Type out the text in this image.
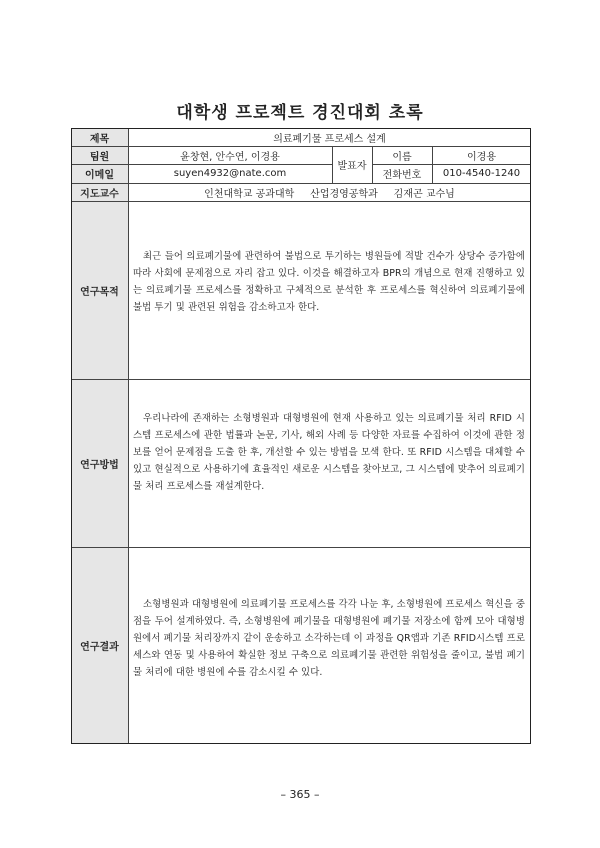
대학생 프로젝트 경진대회 초록
제목
팀원
이메일
지도교수
연구목적
연구방법
연구결과
의료폐기물 프로세스 설계
윤창현, 안수연, 이경용
suyen4932@nate.com
발표자
이름	이경용
전화번호	010-4540-1240
인천대학교 공과대학     산업경영공학과     김재곤 교수님
최근 들어 의료폐기물에 관련하여 불법으로 투기하는 병원들에 적발 건수가 상당수 증가함에 따라 사회에 문제점으로 자리 잡고 있다. 이것을 해결하고자 BPR의 개념으로 현재 진행하고 있는 의료폐기물 프로세스를 정확하고 구체적으로 분석한 후 프로세스를 혁신하여 의료폐기물에 불법 투기 및 관련된 위험을 감소하고자 한다.
우리나라에 존재하는 소형병원과 대형병원에 현재 사용하고 있는 의료폐기물 처리 RFID 시스템 프로세스에 관한 법률과 논문, 기사, 해외 사례 등 다양한 자료를 수집하여 이것에 관한 정보를 얻어 문제점을 도출 한 후, 개선할 수 있는 방법을 모색 한다. 또 RFID 시스템을 대체할 수 있고 현실적으로 사용하기에 효율적인 새로운 시스템을 찾아보고, 그 시스템에 맞추어 의료폐기물 처리 프로세스를 재설계한다.
소형병원과 대형병원에 의료폐기물 프로세스를 각각 나눈 후, 소형병원에 프로세스 혁신을 중점을 두어 설계하였다. 즉, 소형병원에 폐기물을 대형병원에 폐기물 저장소에 함께 모아 대형병원에서 폐기물 처리장까지 같이 운송하고 소각하는데 이 과정을 QR앱과 기존 RFID시스템 프로세스와 연동 및 사용하여 확실한 정보 구축으로 의료폐기물 관련한 위험성을 줄이고, 불법 폐기물 처리에 대한 병원에 수를 감소시킬 수 있다.
– 365 –
